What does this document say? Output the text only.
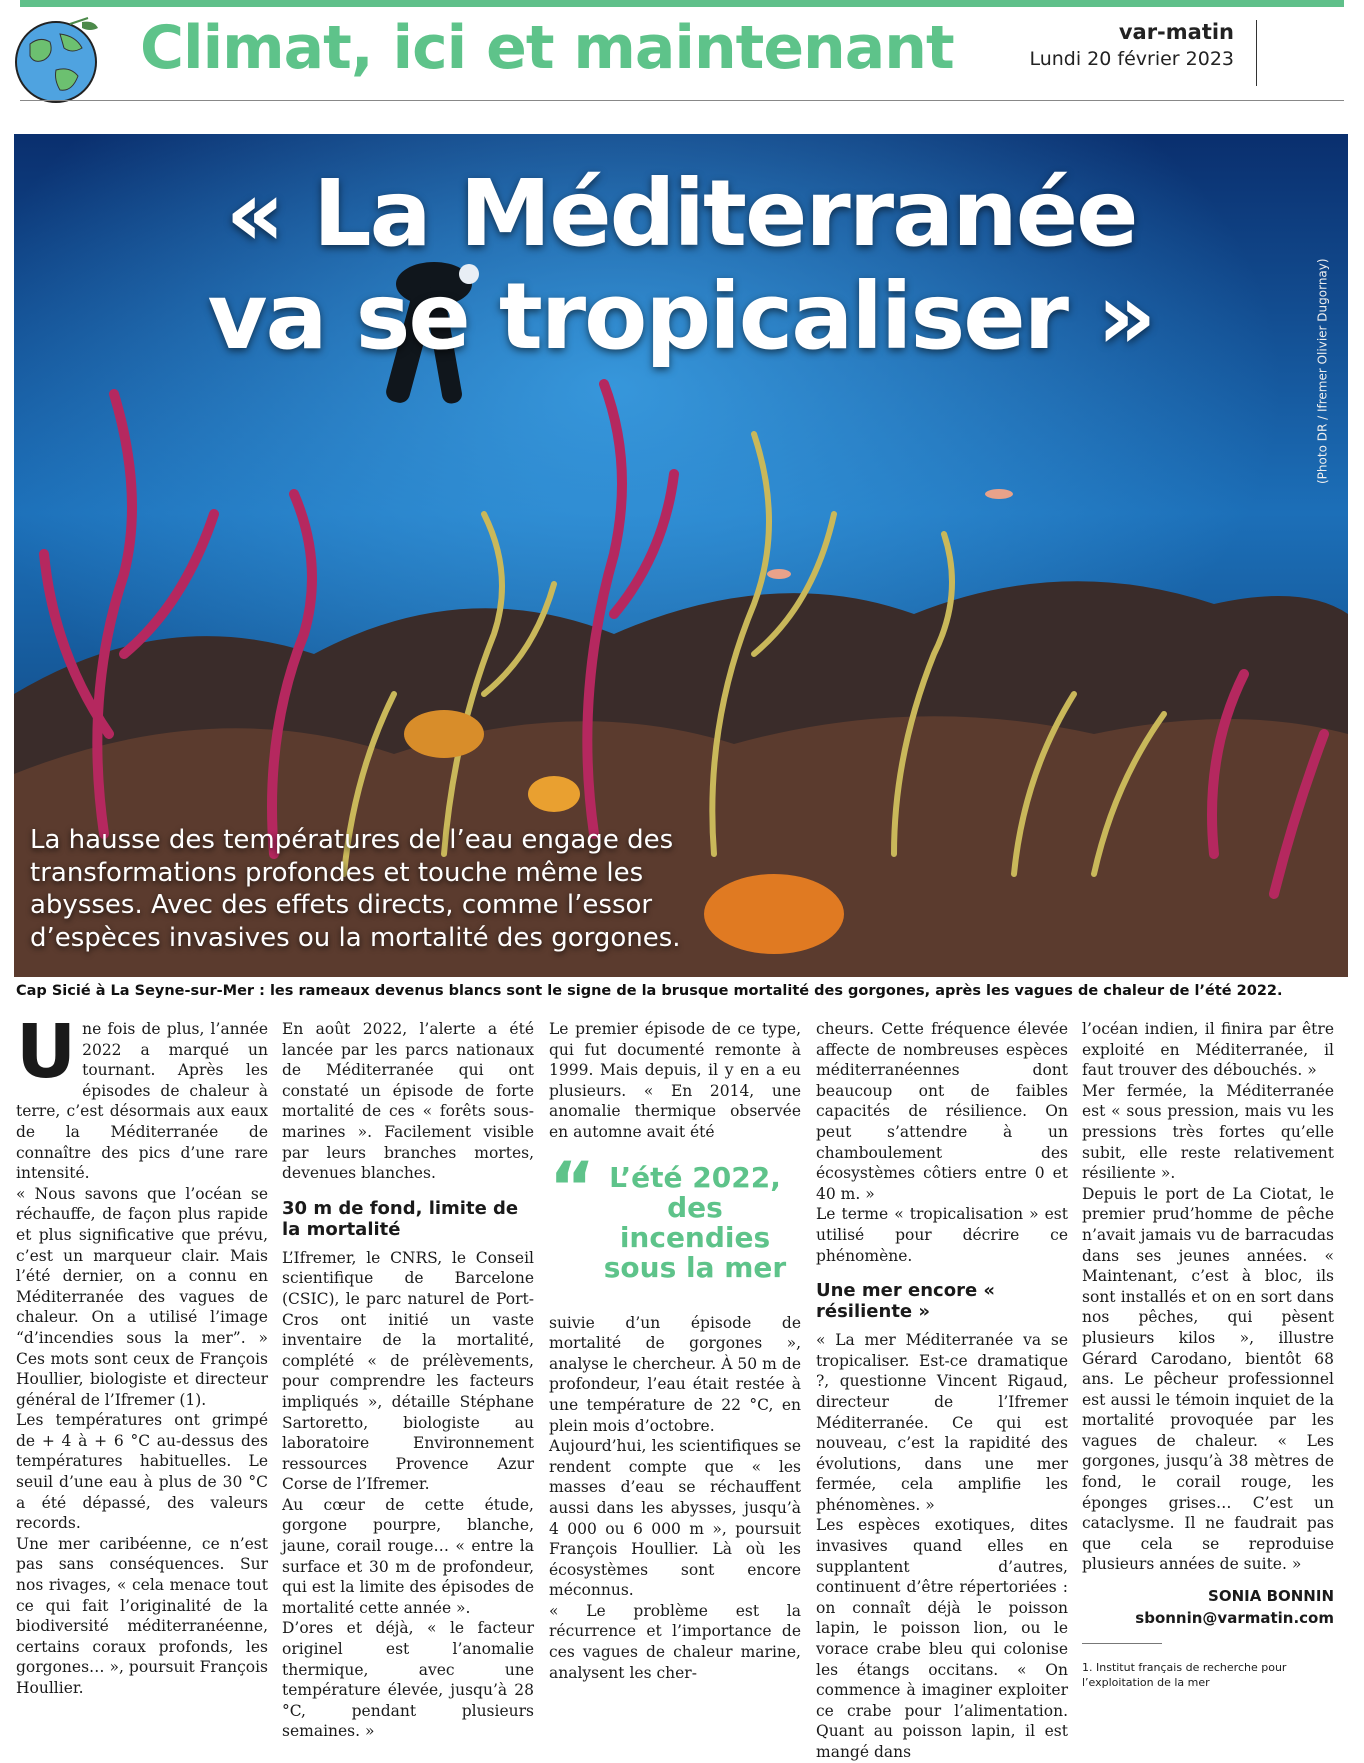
Climat, ici et maintenant	var-matin
Lundi 20 février 2023
« La Méditerranée
va se tropicaliser »	(Photo DR / Ifremer Olivier Dugornay)
La hausse des températures de l’eau engage des transformations profondes et touche même les abysses. Avec des effets directs, comme l’essor d’espèces invasives ou la mortalité des gorgones.
Cap Sicié à La Seyne-sur-Mer : les rameaux devenus blancs sont le signe de la brusque mortalité des gorgones, après les vagues de chaleur de l’été 2022.

Une fois de plus, l’année 2022 a marqué un tournant. Après les épisodes de chaleur à terre, c’est désormais aux eaux de la Méditerranée de connaître des pics d’une rare intensité.

« Nous savons que l’océan se réchauffe, de façon plus rapide et plus significative que prévu, c’est un marqueur clair. Mais l’été dernier, on a connu en Méditerranée des vagues de chaleur. On a utilisé l’image “d’incendies sous la mer”. » Ces mots sont ceux de François Houllier, biologiste et directeur général de l’Ifremer (1).

Les températures ont grimpé de + 4 à + 6 °C au-dessus des températures habituelles. Le seuil d’une eau à plus de 30 °C a été dépassé, des valeurs records.

Une mer caribéenne, ce n’est pas sans conséquences. Sur nos rivages, « cela menace tout ce qui fait l’originalité de la biodiversité méditerranéenne, certains coraux profonds, les gorgones… », poursuit François Houllier.

En août 2022, l’alerte a été lancée par les parcs nationaux de Méditerranée qui ont constaté un épisode de forte mortalité de ces « forêts sous-marines ». Facilement visible par leurs branches mortes, devenues blanches.

30 m de fond, limite de la mortalité

L’Ifremer, le CNRS, le Conseil scientifique de Barcelone (CSIC), le parc naturel de Port-Cros ont initié un vaste inventaire de la mortalité, complété « de prélèvements, pour comprendre les facteurs impliqués », détaille Stéphane Sartoretto, biologiste au laboratoire Environnement ressources Provence Azur Corse de l’Ifremer.

Au cœur de cette étude, gorgone pourpre, blanche, jaune, corail rouge… « entre la surface et 30 m de profondeur, qui est la limite des épisodes de mortalité cette année ».

D’ores et déjà, « le facteur originel est l’anomalie thermique, avec une température élevée, jusqu’à 28 °C, pendant plusieurs semaines. »

Le premier épisode de ce type, qui fut documenté remonte à 1999. Mais depuis, il y en a eu plusieurs. « En 2014, une anomalie thermique observée en automne avait été

“ L’été 2022, des incendies sous la mer

suivie d’un épisode de mortalité de gorgones », analyse le chercheur. À 50 m de profondeur, l’eau était restée à une température de 22 °C, en plein mois d’octobre.

Aujourd’hui, les scientifiques se rendent compte que « les masses d’eau se réchauffent aussi dans les abysses, jusqu’à 4 000 ou 6 000 m », poursuit François Houllier. Là où les écosystèmes sont encore méconnus.

« Le problème est la récurrence et l’importance de ces vagues de chaleur marine, analysent les cher-

cheurs. Cette fréquence élevée affecte de nombreuses espèces méditerranéennes dont beaucoup ont de faibles capacités de résilience. On peut s’attendre à un chamboulement des écosystèmes côtiers entre 0 et 40 m. »

Le terme « tropicalisation » est utilisé pour décrire ce phénomène.

Une mer encore « résiliente »

« La mer Méditerranée va se tropicaliser. Est-ce dramatique ?, questionne Vincent Rigaud, directeur de l’Ifremer Méditerranée. Ce qui est nouveau, c’est la rapidité des évolutions, dans une mer fermée, cela amplifie les phénomènes. »

Les espèces exotiques, dites invasives quand elles en supplantent d’autres, continuent d’être répertoriées : on connaît déjà le poisson lapin, le poisson lion, ou le vorace crabe bleu qui colonise les étangs occitans. « On commence à imaginer exploiter ce crabe pour l’alimentation. Quant au poisson lapin, il est mangé dans

l’océan indien, il finira par être exploité en Méditerranée, il faut trouver des débouchés. »

Mer fermée, la Méditerranée est « sous pression, mais vu les pressions très fortes qu’elle subit, elle reste relativement résiliente ».

Depuis le port de La Ciotat, le premier prud’homme de pêche n’avait jamais vu de barracudas dans ses jeunes années. « Maintenant, c’est à bloc, ils sont installés et on en sort dans nos pêches, qui pèsent plusieurs kilos », illustre Gérard Carodano, bientôt 68 ans. Le pêcheur professionnel est aussi le témoin inquiet de la mortalité provoquée par les vagues de chaleur. « Les gorgones, jusqu’à 38 mètres de fond, le corail rouge, les éponges grises… C’est un cataclysme. Il ne faudrait pas que cela se reproduise plusieurs années de suite. »

SONIA BONNIN
sbonnin@varmatin.com
1. Institut français de recherche pour l’exploitation de la mer
